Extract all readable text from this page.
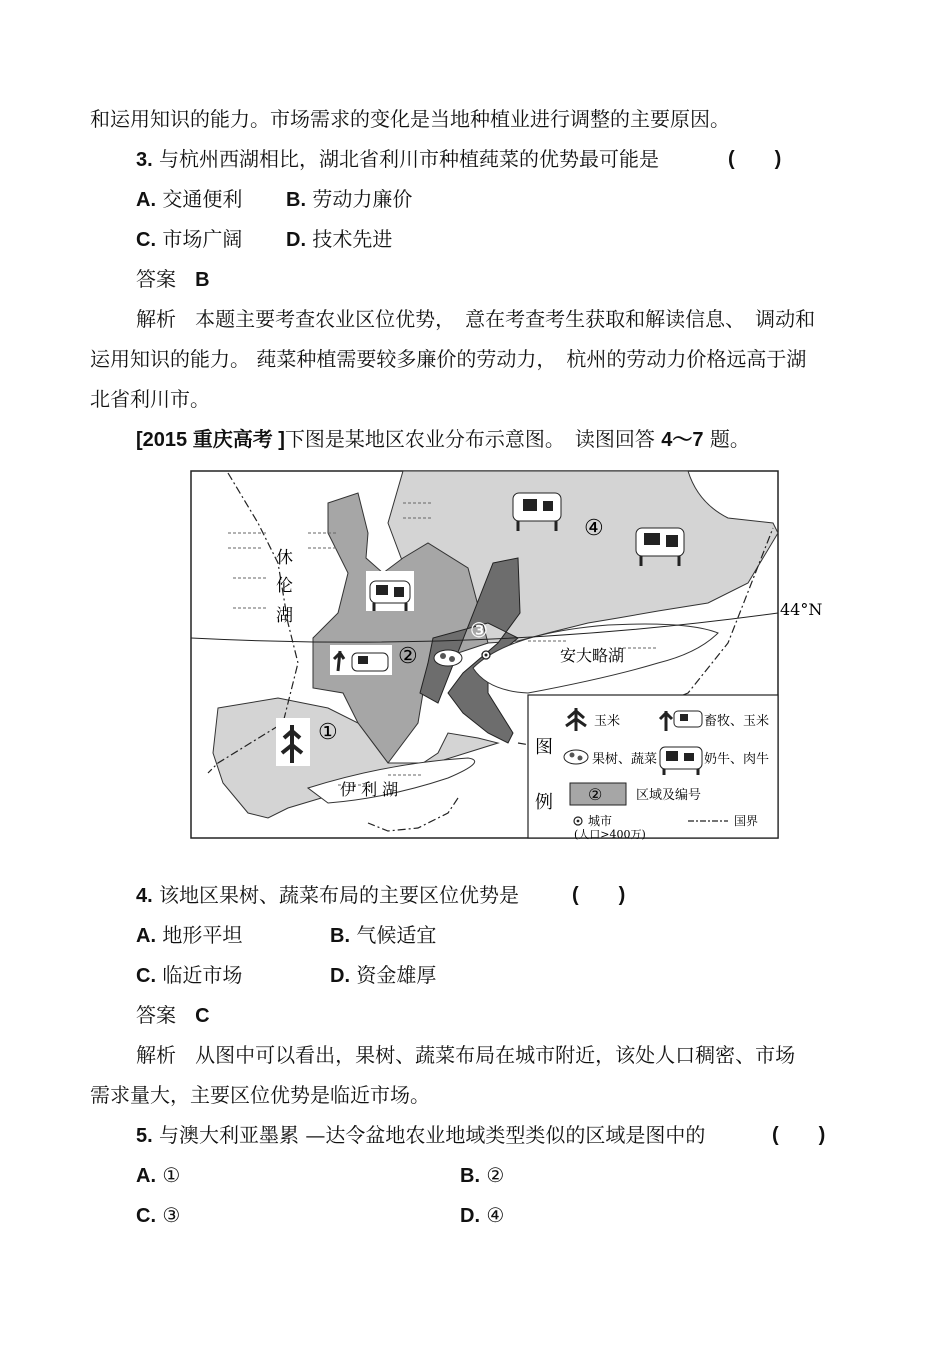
和运用知识的能力。市场需求的变化是当地种植业进行调整的主要原因。
3. 与杭州西湖相比，湖北省利川市种植莼菜的优势最可能是	(　　)
A. 交通便利 B. 劳动力廉价
C. 市场广阔 D. 技术先进
答案 B
解析 本题主要考查农业区位优势，　意在考查考生获取和解读信息、　调动和
运用知识的能力。 莼菜种植需要较多廉价的劳动力，　杭州的劳动力价格远高于湖
北省利川市。
[2015 重庆高考 ]下图是某地区农业分布示意图。　读图回答 4～7 题。
44°N
休
伦
湖
安大略湖
伊 利 湖
④
①
②
③
图
例
玉米	畜牧、玉米
果树、蔬菜	奶牛、肉牛
②	区域及编号
城市
(人口>400万)
国界
4. 该地区果树、蔬菜布局的主要区位优势是	(　　)
A. 地形平坦	B. 气候适宜
C. 临近市场	D. 资金雄厚
答案 C
解析 从图中可以看出，果树、蔬菜布局在城市附近，该处人口稠密、市场
需求量大，主要区位优势是临近市场。
5. 与澳大利亚墨累 —达令盆地农业地域类型类似的区域是图中的	(　　)
A. ①	B. ②
C. ③	D. ④
